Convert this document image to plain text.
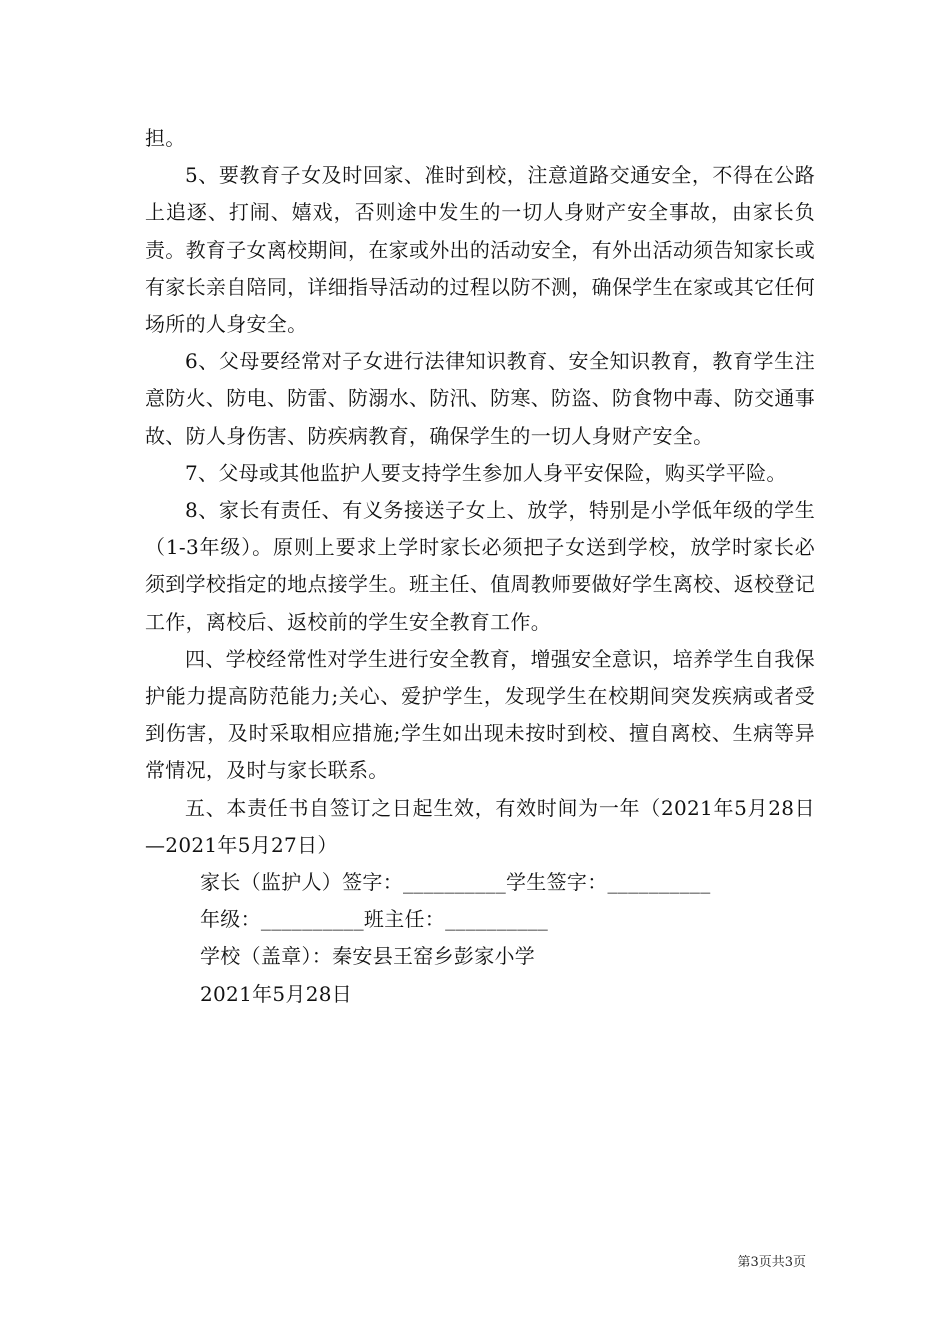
担。

5、要教育子女及时回家、准时到校，注意道路交通安全，不得在公路上追逐、打闹、嬉戏，否则途中发生的一切人身财产安全事故，由家长负责。教育子女离校期间，在家或外出的活动安全，有外出活动须告知家长或有家长亲自陪同，详细指导活动的过程以防不测，确保学生在家或其它任何场所的人身安全。

6、父母要经常对子女进行法律知识教育、安全知识教育，教育学生注意防火、防电、防雷、防溺水、防汛、防寒、防盗、防食物中毒、防交通事故、防人身伤害、防疾病教育，确保学生的一切人身财产安全。

7、父母或其他监护人要支持学生参加人身平安保险，购买学平险。

8、家长有责任、有义务接送子女上、放学，特别是小学低年级的学生（1-3年级）。原则上要求上学时家长必须把子女送到学校，放学时家长必须到学校指定的地点接学生。班主任、值周教师要做好学生离校、返校登记工作，离校后、返校前的学生安全教育工作。

四、学校经常性对学生进行安全教育，增强安全意识，培养学生自我保护能力提高防范能力;关心、爱护学生，发现学生在校期间突发疾病或者受到伤害，及时采取相应措施;学生如出现未按时到校、擅自离校、生病等异常情况，及时与家长联系。

五、本责任书自签订之日起生效，有效时间为一年（2021年5月28日—2021年5月27日）

家长（监护人）签字：__________学生签字：__________

年级：__________班主任：__________

学校（盖章）：秦安县王窑乡彭家小学

2021年5月28日

第3页共3页
